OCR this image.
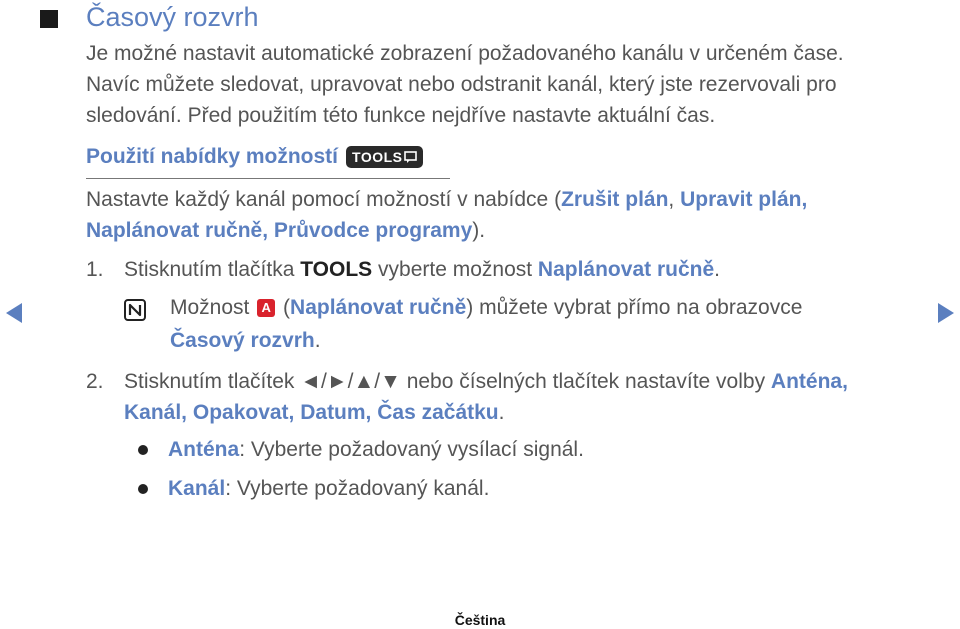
Časový rozvrh
Je možné nastavit automatické zobrazení požadovaného kanálu v určeném čase.
Navíc můžete sledovat, upravovat nebo odstranit kanál, který jste rezervovali pro
sledování. Před použitím této funkce nejdříve nastavte aktuální čas.
Použití nabídky možností TOOLS
Nastavte každý kanál pomocí možností v nabídce (Zrušit plán, Upravit plán,
Naplánovat ručně, Průvodce programy).
1. Stisknutím tlačítka TOOLS vyberte možnost Naplánovat ručně.
Možnost A (Naplánovat ručně) můžete vybrat přímo na obrazovce
Časový rozvrh.
2. Stisknutím tlačítek ◄/►/▲/▼ nebo číselných tlačítek nastavíte volby Anténa,
Kanál, Opakovat, Datum, Čas začátku.
Anténa: Vyberte požadovaný vysílací signál.
Kanál: Vyberte požadovaný kanál.
Čeština
